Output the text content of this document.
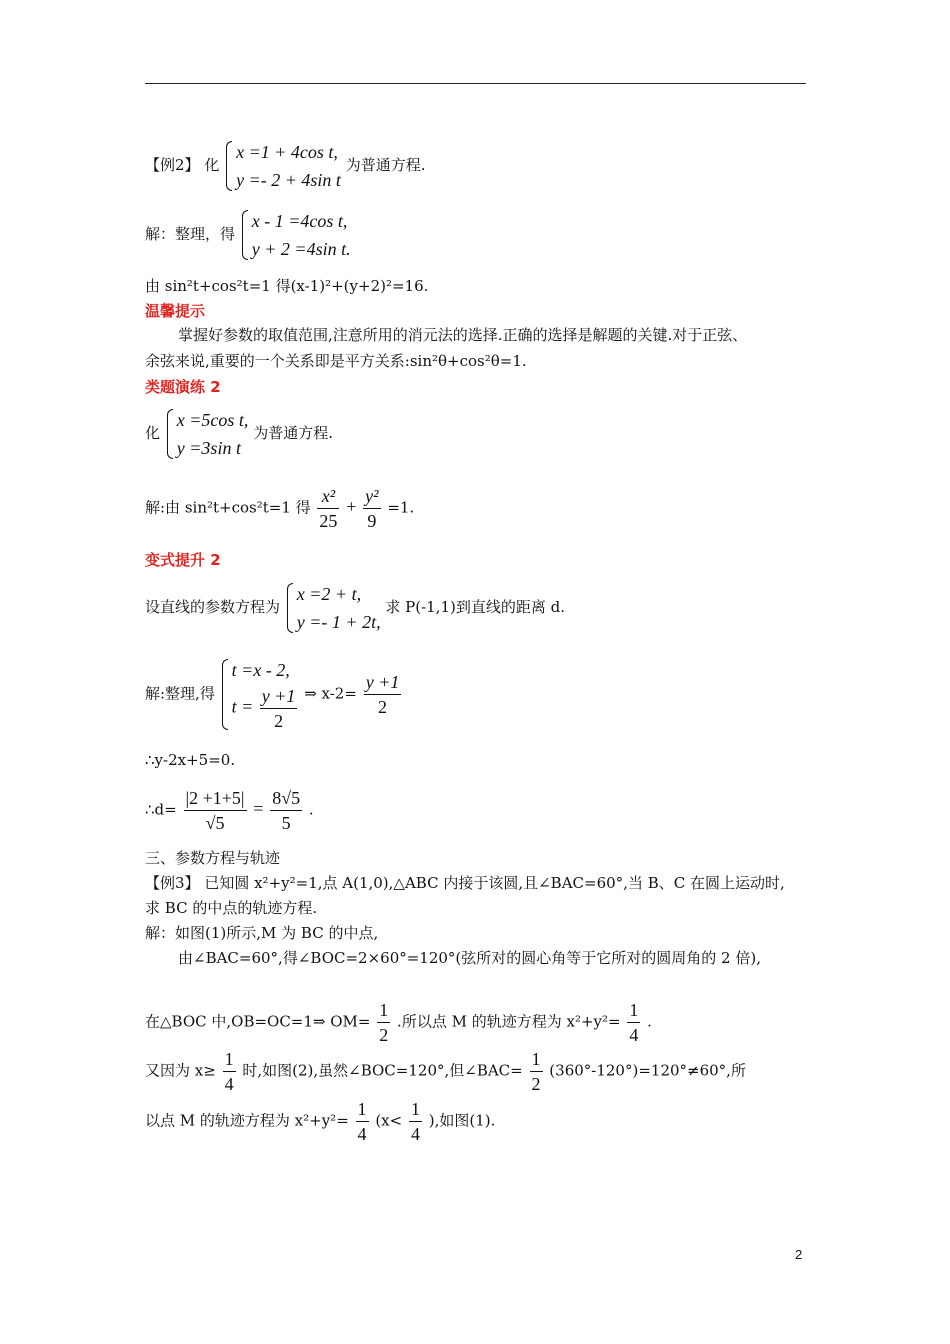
【例2】 化
x =1 + 4cos t,
y =- 2 + 4sin t
为普通方程.
解：整理，得
x - 1 =4cos t,
y + 2 =4sin t.
由 sin²t+cos²t=1 得(x-1)²+(y+2)²=16.
温馨提示
掌握好参数的取值范围,注意所用的消元法的选择.正确的选择是解题的关键.对于正弦、
余弦来说,重要的一个关系即是平方关系:sin²θ+cos²θ=1.
类题演练 2
化
x =5cos t,
y =3sin t
为普通方程.
解:由 sin²t+cos²t=1 得 $\frac{\text{x²}}{25} + \frac{\text{y²}}{9} =1$.
变式提升 2
设直线的参数方程为
x =2 + t,
y =- 1 + 2t,
求 P(-1,1)到直线的距离 d.
解:整理,得
t =x - 2,
$t = \frac{y +1}{2}$ ⇒ $x-2= \frac{y +1}{2}$
∴y-2x+5=0.
∴d= $\frac{|2 +1+5|}{√5} = \frac{8√5}{5}$ .
三、参数方程与轨迹
【例3】 已知圆 x²+y²=1,点 A(1,0),△ABC 内接于该圆,且∠BAC=60°,当 B、C 在圆上运动时,
求 BC 的中点的轨迹方程.
解：如图(1)所示,M 为 BC 的中点,
由∠BAC=60°,得∠BOC=2×60°=120°(弦所对的圆心角等于它所对的圆周角的 2 倍),
在△BOC 中,OB=OC=1⇒ $OM= \frac{1}{2}$ .所以点 M 的轨迹方程为 $x^2+y^2= \frac{1}{4}$ .
又因为 $x\ge \frac{1}{4}$ 时,如图(2),虽然∠BOC=120°,但∠BAC= $\frac{1}{2} (360^\circ-120^\circ)=120^\circ\ne 60^\circ$,所
以点 M 的轨迹方程为 $x^2+y^2= \frac{1}{4} (x< \frac{1}{4}$ ),如图(1).
2
